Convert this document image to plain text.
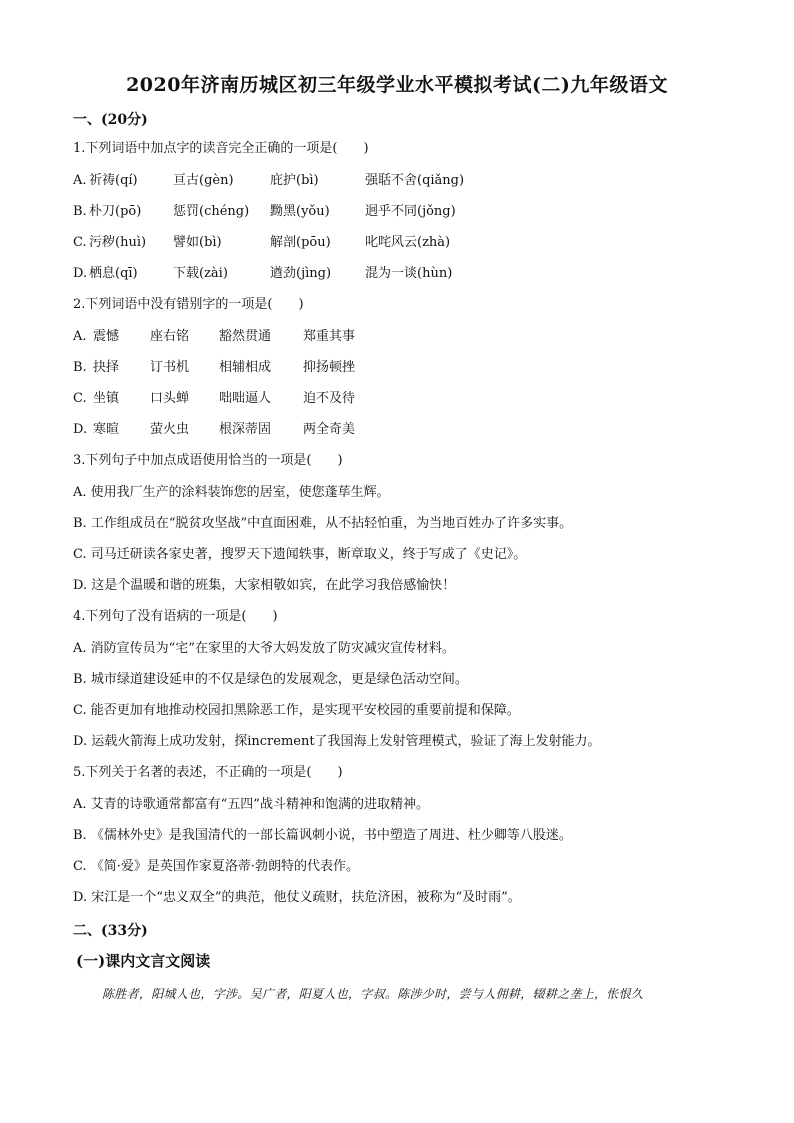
2020年济南历城区初三年级学业水平模拟考试(二)九年级语文
一、(20分)
1.下列词语中加点字的读音完全正确的一项是(　　)
A. 祈祷(qí)	亘古(gèn)	庇护(bì)	强聒不舍(qiǎng)
B. 朴刀(pō) 惩罚(chéng) 黝黑(yǒu)	迥乎不同(jǒng)
C. 污秽(huì) 譬如(bì)	解剖(pōu)	叱咤风云(zhà)
D. 栖息(qī)	下载(zài)	遒劲(jìng)	混为一谈(hùn)
2.下列词语中没有错别字的一项是(　　)
A. 震憾 座右铭 豁然贯通 郑重其事
B. 抉择 订书机 相辅相成 抑扬顿挫
C. 坐镇 口头蝉 咄咄逼人 迫不及待
D. 寒暄 萤火虫 根深蒂固 两全奇美
3.下列句子中加点成语使用恰当的一项是(　　)
A. 使用我厂生产的涂料装饰您的居室，使您蓬荜生辉。
B. 工作组成员在“脱贫攻坚战”中直面困难，从不拈轻怕重，为当地百姓办了许多实事。
C. 司马迁研读各家史著，搜罗天下遗闻轶事，断章取义，终于写成了《史记》。
D. 这是个温暖和谐的班集，大家相敬如宾，在此学习我倍感愉快！
4.下列句了没有语病的一项是(　　)
A. 消防宣传员为“宅”在家里的大爷大妈发放了防灾减灾宣传材料。
B. 城市绿道建设延申的不仅是绿色的发展观念，更是绿色活动空间。
C. 能否更加有地推动校园扣黑除恶工作，是实现平安校园的重要前提和保障。
D. 运载火箭海上成功发射，探increment了我国海上发射管理模式，验证了海上发射能力。
5.下列关于名著的表述，不正确的一项是(　　)
A. 艾青的诗歌通常都富有“五四”战斗精神和饱满的进取精神。
B. 《儒林外史》是我国清代的一部长篇讽刺小说，书中塑造了周进、杜少卿等八股迷。
C. 《简·爱》是英国作家夏洛蒂·勃朗特的代表作。
D. 宋江是一个“忠义双全”的典范，他仗义疏财，扶危济困，被称为“及时雨”。
二、(33分)
(一)课内文言文阅读
陈胜者，阳城人也，字涉。吴广者，阳夏人也，字叔。陈涉少时，尝与人佣耕，辍耕之垄上，怅恨久
